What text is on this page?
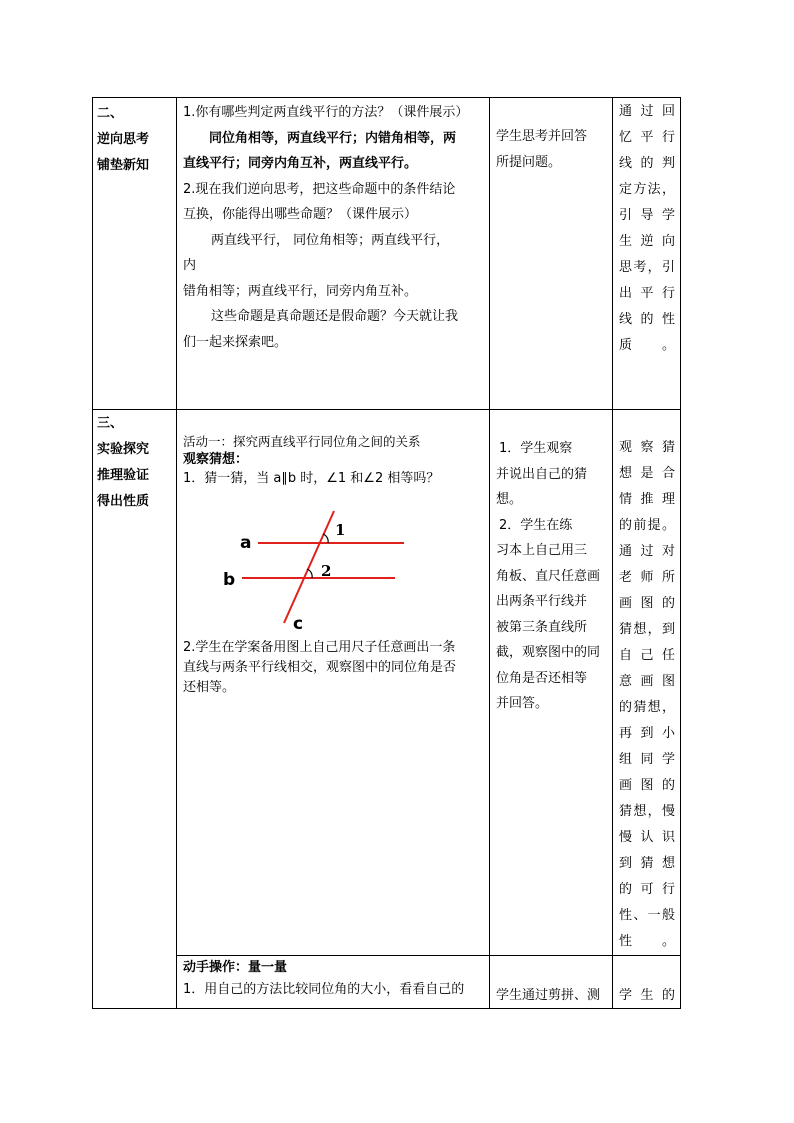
二、

逆向思考

铺垫新知

1.你有哪些判定两直线平行的方法？（课件展示）

同位角相等，两直线平行；内错角相等，两

直线平行；同旁内角互补，两直线平行。

2.现在我们逆向思考，把这些命题中的条件结论

互换，你能得出哪些命题？（课件展示）

两直线平行， 同位角相等；两直线平行，

内

错角相等；两直线平行，同旁内角互补。

这些命题是真命题还是假命题？今天就让我

们一起来探索吧。

学生思考并回答

所提问题。

通 过 回
忆 平 行
线 的 判
定 方 法 ，
引 导 学
生 逆 向
思 考 ， 引
出 平 行
线 的 性
质 。

三、

实验探究

推理验证

得出性质

活动一：探究两直线平行同位角之间的关系

观察猜想：

1．猜一猜，当 a∥b 时，∠1 和∠2 相等吗？

a
b
c
1
2

2.学生在学案备用图上自己用尺子任意画出一条

直线与两条平行线相交，观察图中的同位角是否

还相等。

1．学生观察

并说出自己的猜

想。

2．学生在练

习本上自己用三

角板、直尺任意画

出两条平行线并

被第三条直线所

截，观察图中的同

位角是否还相等

并回答。

观 察 猜
想 是 合
情 推 理
的 前 提 。
通 过 对
老 师 所
画 图 的
猜 想 ， 到
自 己 任
意 画 图
的 猜 想 ，
再 到 小
组 同 学
画 图 的
猜 想 ， 慢
慢 认 识
到 猜 想
的 可 行
性 、 一 般
性 。

动手操作：量一量

1．用自己的方法比较同位角的大小，看看自己的 学生通过剪拼、测 学 生 的
